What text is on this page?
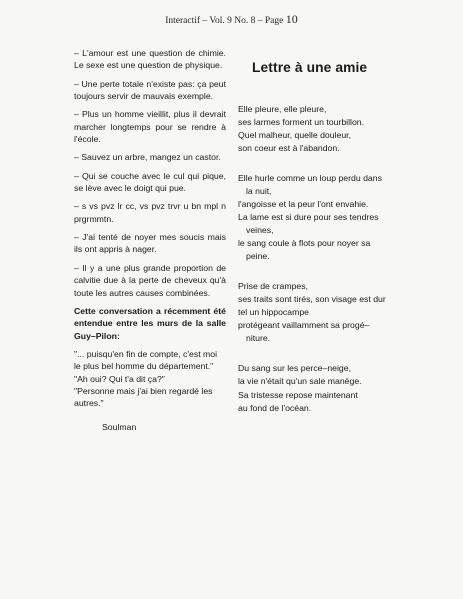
Interactif – Vol. 9 No. 8 – Page 10

– L'amour est une question de chimie. Le sexe est une question de physique.

– Une perte totale n'existe pas: ça peut toujours servir de mauvais exemple.

– Plus un homme vieillit, plus il devrait marcher longtemps pour se rendre à l'école.

– Sauvez un arbre, mangez un castor.

– Qui se couche avec le cul qui pique, se lève avec le doigt qui pue.

– s vs pvz lr cc, vs pvz trvr u bn mpl n prgrmmtn.

– J'ai tenté de noyer mes soucis mais ils ont appris à nager.

– Il y a une plus grande proportion de calvitie due à la perte de cheveux qu'à toute les autres causes combinées.

Cette conversation a récemment été entendue entre les murs de la salle Guy–Pilon:

"... puisqu'en fin de compte, c'est moi le plus bel homme du département."
"Ah oui? Qui t'a dit ça?"
"Personne mais j'ai bien regardé les autres."

Soulman

Lettre à une amie
Elle pleure, elle pleure,
ses larmes forment un tourbillon.
Quel malheur, quelle douleur,
son coeur est à l'abandon.
Elle hurle comme un loup perdu dans
la nuit,
l'angoisse et la peur l'ont envahie.
La lame est si dure pour ses tendres
veines,
le sang coule à flots pour noyer sa
peine.
Prise de crampes,
ses traits sont tirés, son visage est dur
tel un hippocampe
protégeant vaillamment sa progé–
niture.
Du sang sur les perce–neige,
la vie n'était qu'un sale manège.
Sa tristesse repose maintenant
au fond de l'océan.
